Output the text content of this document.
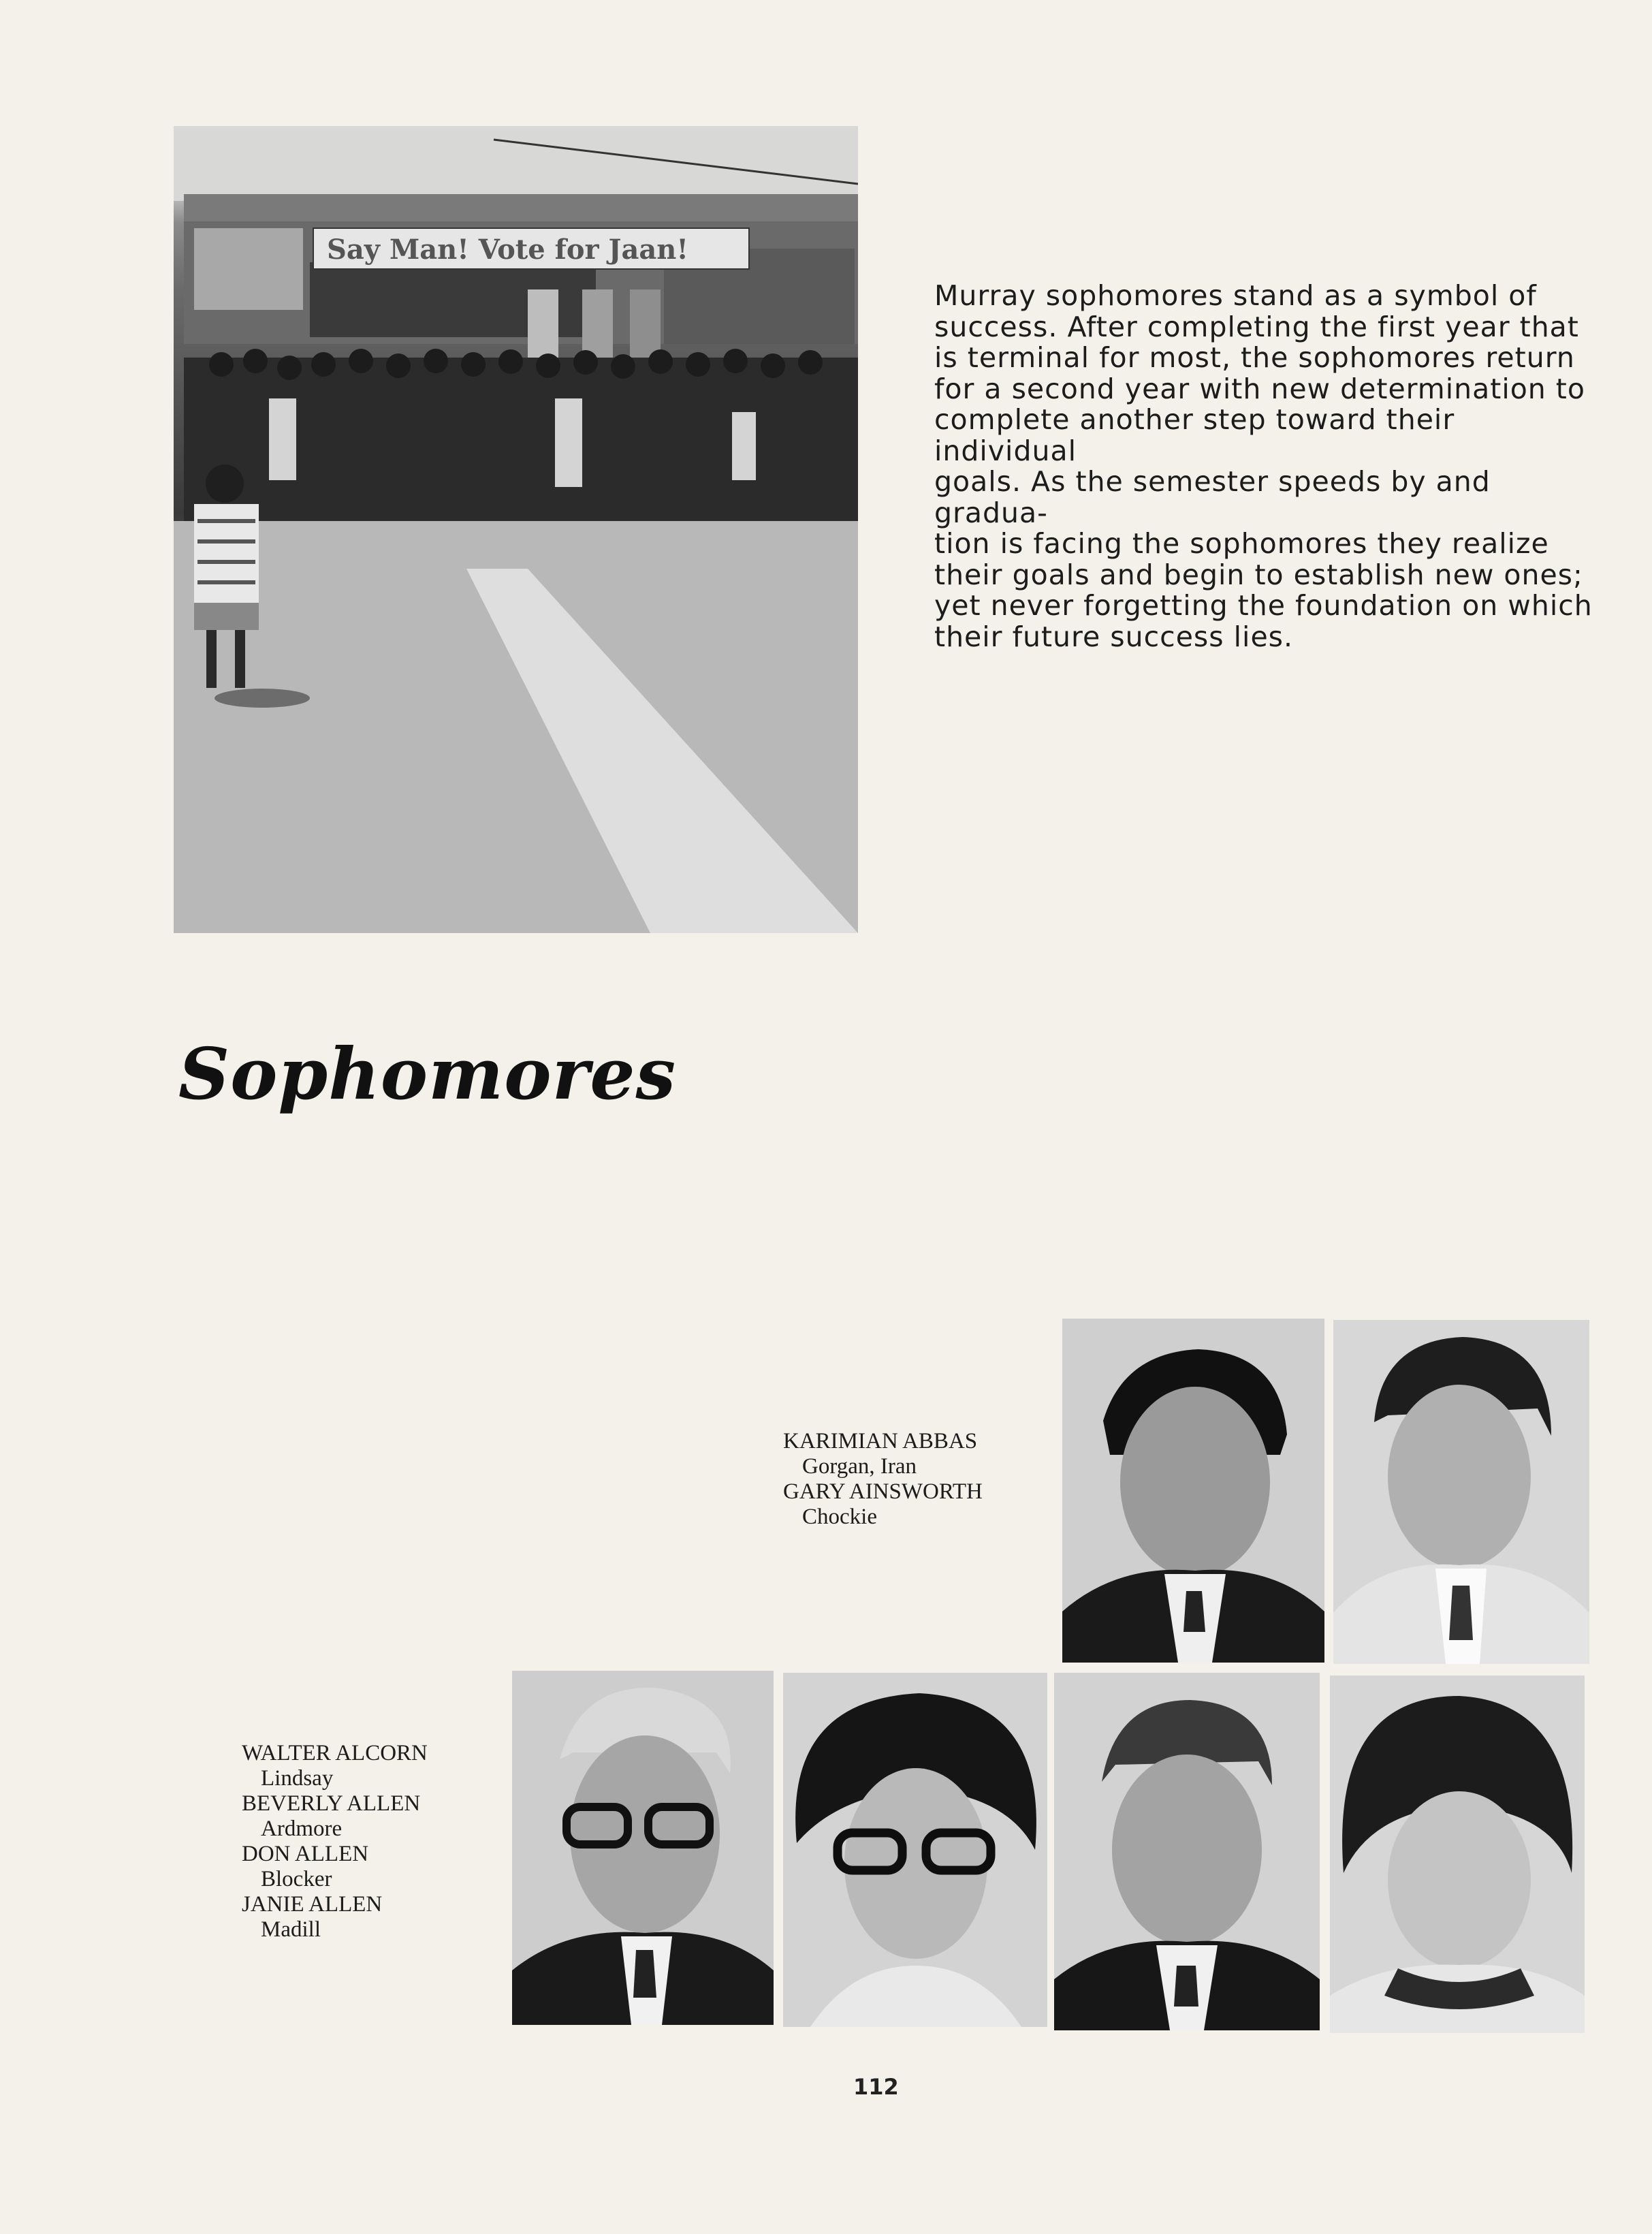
Say Man! Vote for Jaan!
Murray sophomores stand as a symbol of
success. After completing the first year that
is terminal for most, the sophomores return
for a second year with new determination to
complete another step toward their individual
goals. As the semester speeds by and gradua-
tion is facing the sophomores they realize
their goals and begin to establish new ones;
yet never forgetting the foundation on which
their future success lies.
Sophomores
KARIMIAN ABBAS
Gorgan, Iran
GARY AINSWORTH
Chockie
WALTER ALCORN
Lindsay
BEVERLY ALLEN
Ardmore
DON ALLEN
Blocker
JANIE ALLEN
Madill
112
